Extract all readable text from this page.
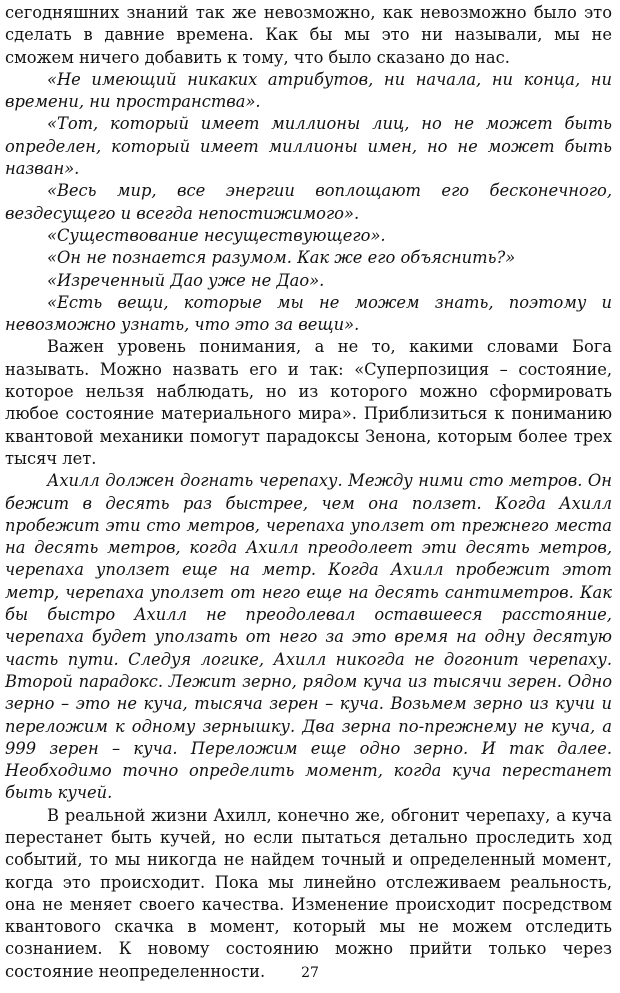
сегодняшних знаний так же невозможно, как невозможно было это сделать в давние времена. Как бы мы это ни называли, мы не сможем ничего добавить к тому, что было сказано до нас.

«Не имеющий никаких атрибутов, ни начала, ни конца, ни времени, ни пространства».

«Тот, который имеет миллионы лиц, но не может быть определен, который имеет миллионы имен, но не может быть назван».

«Весь мир, все энергии воплощают его бесконечного, вездесущего и всегда непостижимого».

«Существование несуществующего».

«Он не познается разумом. Как же его объяснить?»

«Изреченный Дао уже не Дао».

«Есть вещи, которые мы не можем знать, поэтому и невозможно узнать, что это за вещи».

Важен уровень понимания, а не то, какими словами Бога называть. Можно назвать его и так: «Суперпозиция – состояние, которое нельзя наблюдать, но из которого можно сформировать любое состояние материального мира». Приблизиться к пониманию квантовой механики помогут парадоксы Зенона, которым более трех тысяч лет.

Ахилл должен догнать черепаху. Между ними сто метров. Он бежит в десять раз быстрее, чем она ползет. Когда Ахилл пробежит эти сто метров, черепаха уползет от прежнего места на десять метров, когда Ахилл преодолеет эти десять метров, черепаха уползет еще на метр. Когда Ахилл пробежит этот метр, черепаха уползет от него еще на десять сантиметров. Как бы быстро Ахилл не преодолевал оставшееся расстояние, черепаха будет уползать от него за это время на одну десятую часть пути. Следуя логике, Ахилл никогда не догонит черепаху. Второй парадокс. Лежит зерно, рядом куча из тысячи зерен. Одно зерно – это не куча, тысяча зерен – куча. Возьмем зерно из кучи и переложим к одному зернышку. Два зерна по-прежнему не куча, а 999 зерен – куча. Переложим еще одно зерно. И так далее. Необходимо точно определить момент, когда куча перестанет быть кучей.

В реальной жизни Ахилл, конечно же, обгонит черепаху, а куча перестанет быть кучей, но если пытаться детально проследить ход событий, то мы никогда не найдем точный и определенный момент, когда это происходит. Пока мы линейно отслеживаем реальность, она не меняет своего качества. Изменение происходит посредством квантового скачка в момент, который мы не можем отследить сознанием. К новому состоянию можно прийти только через состояние неопределенности.	27
